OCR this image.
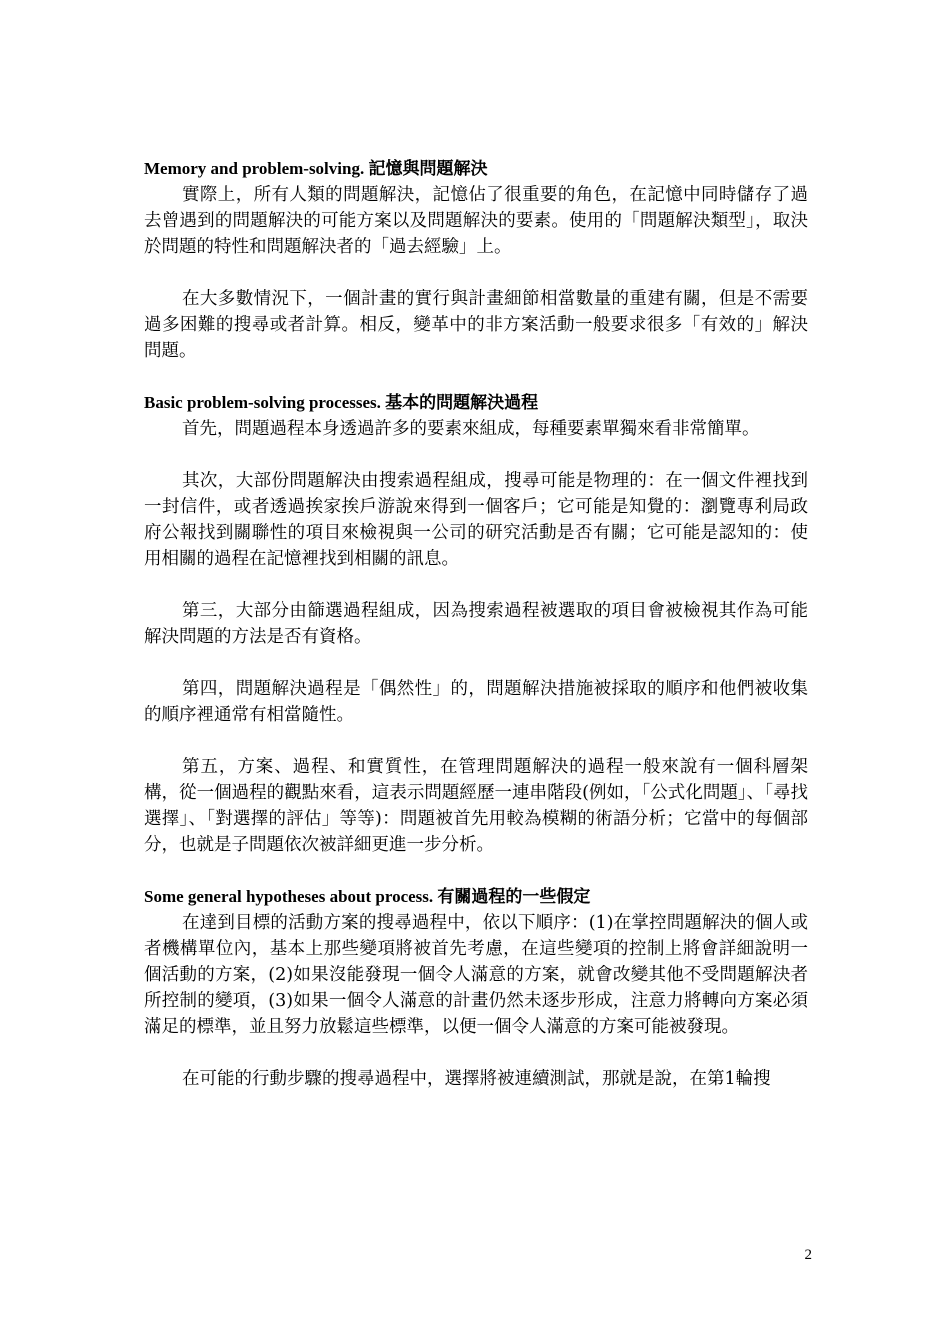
Memory and problem-solving. 記憶與問題解決

實際上，所有人類的問題解決，記憶佔了很重要的角色，在記憶中同時儲存了過去曾遇到的問題解決的可能方案以及問題解決的要素。使用的「問題解決類型」，取決於問題的特性和問題解決者的「過去經驗」上。

在大多數情況下，一個計畫的實行與計畫細節相當數量的重建有關，但是不需要過多困難的搜尋或者計算。相反，變革中的非方案活動一般要求很多「有效的」解決問題。

Basic problem-solving processes. 基本的問題解決過程

首先，問題過程本身透過許多的要素來組成，每種要素單獨來看非常簡單。

其次，大部份問題解決由搜索過程組成，搜尋可能是物理的：在一個文件裡找到一封信件，或者透過挨家挨戶游說來得到一個客戶；它可能是知覺的：瀏覽專利局政府公報找到關聯性的項目來檢視與一公司的研究活動是否有關；它可能是認知的：使用相關的過程在記憶裡找到相關的訊息。

第三，大部分由篩選過程組成，因為搜索過程被選取的項目會被檢視其作為可能解決問題的方法是否有資格。

第四，問題解決過程是「偶然性」的，問題解決措施被採取的順序和他們被收集的順序裡通常有相當隨性。

第五，方案、過程、和實質性，在管理問題解決的過程一般來說有一個科層架構，從一個過程的觀點來看，這表示問題經歷一連串階段(例如，「公式化問題」、「尋找選擇」、「對選擇的評估」等等)：問題被首先用較為模糊的術語分析；它當中的每個部分，也就是子問題依次被詳細更進一步分析。

Some general hypotheses about process. 有關過程的一些假定

在達到目標的活動方案的搜尋過程中，依以下順序：(1)在掌控問題解決的個人或者機構單位內，基本上那些變項將被首先考慮，在這些變項的控制上將會詳細說明一個活動的方案，(2)如果沒能發現一個令人滿意的方案，就會改變其他不受問題解決者所控制的變項，(3)如果一個令人滿意的計畫仍然未逐步形成，注意力將轉向方案必須滿足的標準，並且努力放鬆這些標準，以便一個令人滿意的方案可能被發現。

在可能的行動步驟的搜尋過程中，選擇將被連續測試，那就是說，在第1輪搜

2
